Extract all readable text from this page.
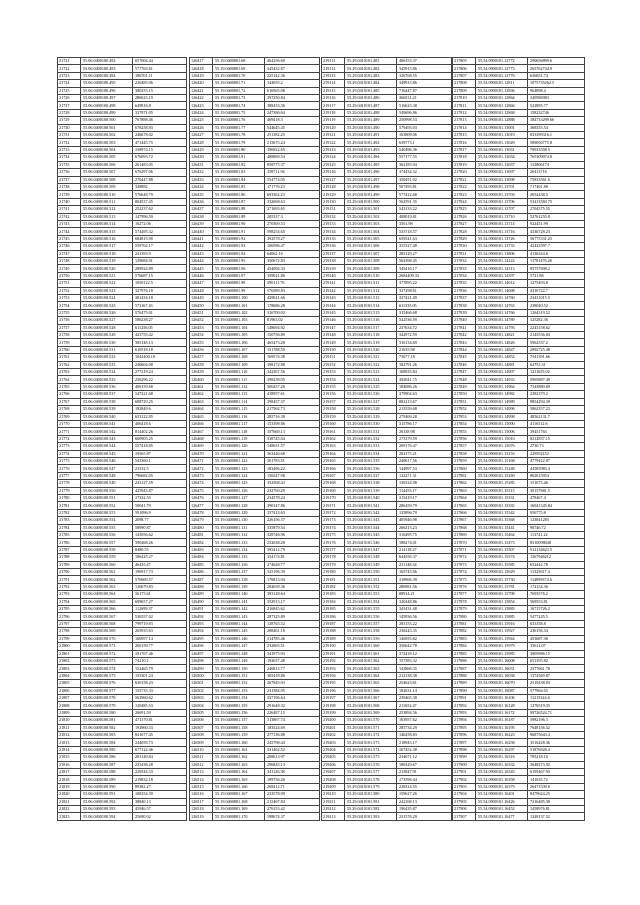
21721	55.06.0400100.492	657604.44
21722	55.06.0400100.493	577765.61
21723	55.06.0400100.494	186701.11
21724	55.06.0400100.495	226485.06
21725	55.06.0400100.496	380255.15
21726	55.06.0400100.497	286623.19
21727	55.06.0400100.498	649816.8
21728	55.06.0400100.499	337971.05
21729	55.06.0400100.500	767888.46
21730	55.06.0400100.501	678258.93
21731	55.06.0400100.502	246678.02
21732	55.06.0400100.503	471445.75
21733	55.06.0400100.504	158974.15
21734	55.06.0400100.505	676693.72
21735	55.06.0400100.506	261483.05
21736	55.06.0400100.507	676297.06
21737	55.06.0400100.508	270447.88
21738	55.06.0400100.509	328882
21739	55.06.0400100.510	576648.79
21740	55.06.0400100.511	804537.45
21741	55.06.0400100.512	252237.62
21742	55.06.0400100.513	147996.59
21743	55.06.0400100.514	16272.06
21744	55.06.0400100.515	574495.32
21745	55.06.0400100.516	684815.90
21746	55.06.0400100.517	559762.17
21747	55.06.0400100.518	241393.9
21748	55.06.0400100.519	129684.01
21749	55.06.0400100.520	289924.89
21750	55.06.0400100.521	576687.15
21751	55.06.0400100.522	1050122.5
21752	55.06.0400100.523	327976.18
21753	55.06.0400100.524	381434.18
21754	55.06.0400100.525	571167.43
21755	55.06.0400100.526	576475.01
21756	55.06.0400100.527	586238.27
21757	55.06.0400100.528	611256.05
21758	55.06.0400100.529	421755.42
21759	55.06.0400100.530	385148.13
21760	55.06.0400100.531	610518.18
21761	55.06.0400100.532	1042400.18
21762	55.06.0400100.533	246604.08
21763	55.06.0400100.534	277219.24
21764	55.06.0400100.535	256296.22
21765	55.06.0400100.536	406159.68
21766	55.06.0400100.537	547321.68
21767	55.06.0400100.538	688729.25
21768	55.06.0400100.539	182849.6
21769	55.06.0400100.540	653122.85
21770	55.06.0400100.541	406418.6
21771	55.06.0400100.542	814402.26
21772	55.06.0400100.543	660905.25
21773	55.06.0400100.544	557418.85
21774	55.06.0400100.545	19565.87
21775	55.06.0400100.546	543360.1
21776	55.06.0400100.547	21532.5
21777	55.06.0400100.548	796682.05
21778	55.06.0400100.549	243127.59
21779	55.06.0400100.550	425945.87
21780	55.06.0400100.551	17332.55
21781	55.06.0400100.552	50041.79
21782	55.06.0400100.553	591096.9
21783	55.06.0400100.554	2098.77
21784	55.06.0400100.555	58990.87
21785	55.06.0400100.556	143956.62
21786	55.06.0400100.557	390468.26
21787	55.06.0400100.558	8480.55
21788	55.06.0400100.559	186425.27
21789	55.06.0400100.560	46435.47
21790	55.06.0400100.561	196917.73
21791	55.06.0400100.562	570669.57
21792	55.06.0400100.563	126679.83
21793	55.06.0400100.564	56175.61
21794	55.06.0400100.565	699657.27
21795	55.06.0400100.566	112699.37
21796	55.06.0400100.567	536557.02
21797	55.06.0400100.568	799719.93
21798	55.06.0400100.569	265935.63
21799	55.06.0400100.570	160957.14
21800	55.06.0400100.571	260159.77
21801	55.06.0400100.572	191767.46
21802	55.06.0400100.573	74210.2
21803	55.06.0400100.574	152465.79
21804	55.06.0400100.575	155301.24
21805	55.06.0400100.576	630158.23
21806	55.06.0400100.577	155735.33
21807	55.06.0400100.578	562960.62
21808	55.06.0400100.579	120485.53
21809	55.06.0400100.580	26691.59
21810	55.06.0400100.581	471370.81
21811	55.06.0400100.582	192960.33
21812	55.06.0400100.583	841677.45
21813	55.06.0400100.584	244059.73
21814	55.06.0400100.585	677122.46
21815	55.06.0400100.586	203149.84
21816	55.06.0400100.587	235438.28
21817	55.06.0400100.588	229544.33
21818	55.06.0400100.589	219832.18
21819	55.06.0400100.590	89382.27
21820	55.06.0400100.591	108254.39
21821	55.06.0400100.592	38840.13
21822	55.06.0400100.593	45946.57
21823	55.06.0400100.594	25690.02
126417	55.19.0400801.68	464256.60
126418	55.19.0400801.69	345432.87
126419	55.19.0400801.70	225142.36
126420	55.19.0400801.71	344055.2
126421	55.19.0400801.72	616565.08
126422	55.19.0400801.73	397250.84
126423	55.19.0400801.74	388433.36
126424	55.19.0400801.75	247386.64
126425	55.19.0400801.76	469418.3
126426	55.19.0400801.77	544645.45
126427	55.19.0400801.78	251382.25
126428	55.19.0400801.79	215675.24
126429	55.19.0400801.80	396922.65
126430	55.19.0400801.81	488869.54
126431	55.19.0400801.82	858775.37
126432	55.19.0400801.83	358711.94
126433	55.19.0400801.84	554774.05
126434	55.19.0400801.85	171776.23
126435	55.19.0400801.86	693362.23
126436	55.19.0400801.87	332068.63
126437	55.19.0400801.88	271693.65
126438	55.19.0400801.89	205337.3
126439	55.19.0400801.90	270369.53
126440	55.19.0400801.91	598254.65
126441	55.19.0400801.92	392578.27
126442	55.19.0400801.93	106596.47
126443	55.19.0400801.94	64062.16
126444	55.19.0400801.95	350672.83
126445	55.19.0400801.96	454094.33
126446	55.19.0400801.97	359021.86
126447	55.19.0400801.98	390111.76
126448	55.19.0400801.99	576589.83
126449	55.19.0400801.100	429021.66
126450	55.19.0400801.101	178686.28
126451	55.19.0400801.102	316700.02
126452	55.19.0400801.103	81963.02
126453	55.19.0400801.104	148694.92
126454	55.19.0400801.105	150756.89
126455	55.19.0400801.106	465473.28
126456	55.19.0400801.107	151788.59
126457	55.19.0400801.108	169574.38
126458	55.19.0400801.109	398172.88
126459	55.19.0400801.110	342367.56
126460	55.19.0400801.111	398258.05
126461	55.19.0400801.112	300457.26
126462	55.19.0400801.113	418957.61
126463	55.19.0400801.114	398457.37
126464	55.19.0400801.115	217562.73
126465	55.19.0400801.116	285716.38
126466	55.19.0400801.117	153398.86
126467	55.19.0400801.118	357669.13
126468	55.19.0400801.119	338745.04
126469	55.19.0400801.120	148631.57
126470	55.19.0400801.121	363426.68
126471	55.19.0400801.122	301783.51
126472	55.19.0400801.123	183496.22
126473	55.19.0400801.124	156547.98
126474	55.19.0400801.125	352568.43
126475	55.19.0400801.126	232769.29
126476	55.19.0400801.127	234578.24
126477	55.19.0400801.128	390147.86
126478	55.19.0400801.129	357413.63
126479	55.19.0400801.130	226156.37
126480	55.19.0400801.131	335879.54
126481	55.19.0400801.132	328746.96
126482	55.19.0400801.133	252638.28
126483	55.19.0400801.134	395412.79
126484	55.19.0400801.135	354174.81
126485	55.19.0400801.136	274628.77
126486	55.19.0400801.137	325196.39
126487	55.19.0400801.138	176813.94
126488	55.19.0400801.139	284639.36
126489	55.19.0400801.140	393128.64
126490	55.19.0400801.141	352913.17
126491	55.19.0400801.142	216845.62
126492	55.19.0400801.143	287325.89
126493	55.19.0400801.144	138763.52
126494	55.19.0400801.145	288461.18
126495	55.19.0400801.146	314785.46
126496	55.19.0400801.147	232865.51
126497	55.19.0400801.148	341975.93
126498	55.19.0400801.149	192637.48
126499	55.19.0400801.150	246813.77
126500	55.19.0400801.151	305418.86
126501	55.19.0400801.152	267945.03
126502	55.19.0400801.153	231584.95
126503	55.19.0400801.154	337196.64
126504	55.19.0400801.155	291648.32
126505	55.19.0400801.156	226487.15
126506	55.19.0400801.157	313867.74
126507	55.19.0400801.158	183524.69
126508	55.19.0400801.159	277136.88
126509	55.19.0400801.160	245798.44
126510	55.19.0400801.161	331462.52
126511	55.19.0400801.162	208613.97
126512	55.19.0400801.163	296845.13
126513	55.19.0400801.164	341126.38
126514	55.19.0400801.165	189756.26
126515	55.19.0400801.166	268412.71
126516	55.19.0400801.167	233578.09
126517	55.19.0400801.168	315467.84
126518	55.19.0400801.169	276153.42
126519	55.19.0400801.170	198674.37
219111	55.29.0410101.481	406153.37
219112	55.29.0410101.482	345915.86
219113	55.29.0410101.483	326768.55
219114	55.29.0410101.484	349915.86
219115	55.29.0410101.485	716447.87
219116	55.29.0410101.486	366531.21
219117	55.29.0410101.487	516623.38
219118	55.29.0410101.488	549696.86
219119	55.29.0410101.489	250998.53
219120	55.29.0410101.490	579495.03
219121	55.29.0410101.491	163809.06
219122	55.29.0410101.492	639773.1
219123	55.29.0410101.493	540496.36
219124	55.29.0410101.494	557177.55
219125	55.29.0410101.495	362185.94
219126	55.29.0410101.496	374434.32
219127	55.29.0410101.497	350451.02
219128	55.29.0410101.498	507293.81
219129	55.29.0410101.499	577422.68
219130	55.29.0410101.500	562591.35
219131	55.29.0410101.501	543133.22
219132	55.29.0410101.502	408019.81
219133	55.29.0410101.503	3561.98
219134	55.29.0410101.504	533718.57
219135	55.29.0410101.505	659541.63
219136	55.29.0410101.506	355327.48
219137	55.29.0410101.507	285129.27
219138	55.29.0410101.508	562398.45
219139	55.29.0410101.509	345416.17
219140	55.29.0410101.510	2684409.33
219141	55.29.0410101.511	377895.22
219142	55.29.0410101.512	337298.61
219143	55.29.0410101.513	337421.49
219144	55.29.0410101.514	611335.05
219145	55.29.0410101.515	315466.68
219146	55.29.0410101.516	542536.59
219147	55.29.0410101.517	237634.72
219148	55.29.0410101.518	342972.59
219149	55.29.0410101.519	316134.69
219150	55.29.0410101.520	21635.98
219151	55.29.0410101.521	73677.18
219152	55.29.0410101.522	182791.26
219153	55.29.0410101.523	168935.84
219154	55.29.0410101.524	392041.75
219155	55.29.0410101.525	184086.26
219156	55.29.0410101.526	379904.63
219157	55.29.0410101.527	882213.67
219158	55.29.0410101.528	213559.68
219159	55.29.0410101.529	279469.28
219160	55.29.0410101.530	315786.17
219161	55.29.0410101.531	26338.98
219162	55.29.0410101.532	275379.59
219163	55.29.0410101.533	209176.47
219164	55.29.0410101.534	282175.21
219165	55.29.0410101.535	240617.56
219166	55.29.0410101.536	144997.53
219167	55.29.0410101.537	122271.31
219168	55.29.0410101.538	156324.98
219169	55.29.0410101.539	114453.17
219170	55.29.0410101.540	315419.17
219171	55.29.0410101.541	286459.79
219172	55.29.0410101.542	135896.79
219173	55.29.0410101.543	405946.98
219174	55.29.0410101.544	266213.23
219175	55.29.0410101.545	316495.75
219176	55.29.0410101.546	188274.01
219177	55.29.0410101.547	214118.27
219178	55.29.0410101.548	644556.37
219179	55.29.0410101.549	231148.34
219180	55.29.0410101.550	165745.66
219181	55.29.0410101.551	318966.39
219182	55.29.0410101.552	286981.56
219183	55.29.0410101.553	88914.21
219184	55.29.0410101.554	320448.86
219185	55.29.0410101.555	345431.48
219186	55.29.0410101.556	145936.56
219187	55.29.0410101.557	283153.22
219188	55.29.0410101.558	236243.35
219189	55.29.0410101.559	146955.82
219190	55.29.0410101.560	356642.78
219191	55.29.0410101.561	372418.12
219192	55.29.0410101.562	157383.32
219193	55.29.0410101.563	143866.35
219194	55.29.0410101.564	212138.38
219195	55.29.0410101.565	254623.61
219196	55.29.0410101.566	182631.14
219197	55.29.0410101.567	239465.38
219198	55.29.0410101.568	211652.47
219199	55.29.0410101.569	253894.56
219200	55.29.0410101.570	163957.62
219201	55.29.0410101.571	285734.29
219202	55.29.0410101.572	146258.83
219203	55.29.0410101.573	218943.17
219204	55.29.0410101.574	167452.38
219205	55.29.0410101.575	234671.12
219206	55.29.0410101.576	186329.67
219207	55.29.0410101.577	215847.91
219208	55.29.0410101.578	173596.44
219209	55.29.0410101.579	228314.55
219210	55.29.0410101.580	159627.26
219211	55.29.0410101.581	242168.13
219212	55.29.0410101.582	196435.87
219213	55.29.0410101.583	231576.29
217805	55.54.0900101.12772	290656899.6
217806	55.54.0900101.12773	265762744.9
217807	55.54.0900101.12776	636651.74
217808	55.54.0900101.12811	1075735262.5
217809	55.54.0900101.12836	964898.4
217810	55.54.0900101.12864	340586983
217811	55.54.0900101.12866	522895.77
217812	55.54.0900101.12868	158232746
217813	55.54.0900101.12888	184733299.66
217814	55.54.0900101.13001	368355.54
217815	55.54.0900101.13019	833399316.1
217816	55.54.0900101.13029	589050775.8
217817	55.54.0900101.13031	70933558.5
217818	55.54.0900101.13034	765309074.8
217819	55.54.0900101.13037	132806174
217820	55.54.0900101.13097	26413716
217821	55.54.0900101.13098	75833561.6
217822	55.54.0900101.13701	717461.88
217823	55.54.0900101.13703	2052438.3
217824	55.54.0900101.13706	53413584.75
217825	55.54.0900101.13707	2704375.55
217826	55.54.0900101.13710	52761255.8
217827	55.54.0900101.13714	922451.99
217828	55.54.0900101.13716	4336728.23
217829	55.54.0900101.13726	56775331.25
217830	55.54.0900101.13733	42425597.7
217831	55.54.0900101.13806	4136324.6
217832	55.54.0900101.14222	11781476.26
217833	55.54.0900101.14313	85757698.2
217834	55.54.0900101.14397	5721.86
217835	55.54.0900101.14612	1275493.8
217836	55.54.0900101.14698	4316722.7
217837	55.54.0900101.14760	23431015.5
217838	55.54.0900101.14763	238040.52
217839	55.54.0900101.14766	1264319.52
217840	55.54.0900101.14789	125282.36
217841	55.54.0900101.14793	2245158.62
217842	55.54.0900101.14821	2145536.04
217843	55.54.0900101.14826	5962537.2
217844	55.54.0900101.14847	2992725.48
217845	55.54.0900101.14852	7541391.66
217846	55.54.0900101.14881	62753.31
217847	55.54.0900101.14907	1211655.02
217848	55.54.0900101.14933	5965887.49
217849	55.54.0900101.14964	7543880.69
217850	55.54.0900101.14982	2382379.2
217851	55.54.0900101.14989	8854294.39
217852	55.54.0900101.14996	5862357.23
217853	55.54.0900101.14998	48562131.7
217854	55.54.0900101.15000	4116512.6
217855	55.54.0900101.15006	39451763
217856	55.54.0900101.15010	8212837.15
217857	55.54.0900101.15076	2730.73
217858	55.54.0900101.15153	229592152
217859	55.54.0900101.15168	4779422.07
217860	55.54.0900101.15248	44585983.4
217861	55.54.0900101.15269	862615954
217862	55.54.0900101.15285	151673.46
217863	55.54.0900101.15315	30157681.5
217864	55.54.0900101.15331	478467.4
217865	55.54.0900101.15335	16941345.84
217866	55.54.0900101.15342	956775.8
217867	55.54.0900101.15368	123841283
217868	55.54.0900101.15441	98746.72
217869	55.54.0900101.15464	113741.22
217870	55.54.0900101.15473	8310098048
217871	55.54.0900101.15507	912134623.5
217872	55.54.0900101.15574	1267946212
217873	55.54.0900101.15585	652442.78
217874	55.54.0900101.15629	11325617.4
217875	55.54.0900101.15730	114899374.6
217876	55.54.0900101.15781	174154.36
217877	55.54.0900101.15798	7693576.2
217878	55.54.0900101.15854	569553.81
217879	55.54.0900101.15883	16715726.2
217880	55.54.0900101.15885	5477245.5
217881	55.54.0900101.15916	633358.8
217882	55.54.0900101.15927	236156.34
217883	55.54.0900101.15944	453687.38
217884	55.54.0900101.15979	35612.07
217885	55.54.0900101.15985	3905986.15
217886	55.54.0900101.16008	651395.82
217887	55.54.0900101.16031	2377661.78
217888	55.54.0900101.16038	1374569.87
217889	55.54.0900101.16070	2519438.83
217890	55.54.0900101.16087	577964.65
217891	55.54.0900101.16106	11215324.6
217892	55.54.0900101.16128	1276519.35
217893	55.54.0900101.16172	99726524.71
217894	55.54.0900101.16187	5982196.3
217895	55.54.0900101.16195	7648156.52
217896	55.54.0900101.16223	96875643.4
217897	55.54.0900101.16258	3516428.36
217898	55.54.0900101.16297	51876926.4
217899	55.54.0900101.16316	785218.16
217900	55.54.0900101.16332	3648273.92
217901	55.54.0900101.16345	6195467.93
217902	55.54.0900101.16358	141635.72
217903	55.54.0900101.16379	26471539.8
217904	55.54.0900101.16401	8479624.25
217905	55.54.0900101.16426	7216485.38
217906	55.54.0900101.16452	1458976.81
217907	55.54.0900101.16477	1248137.52
